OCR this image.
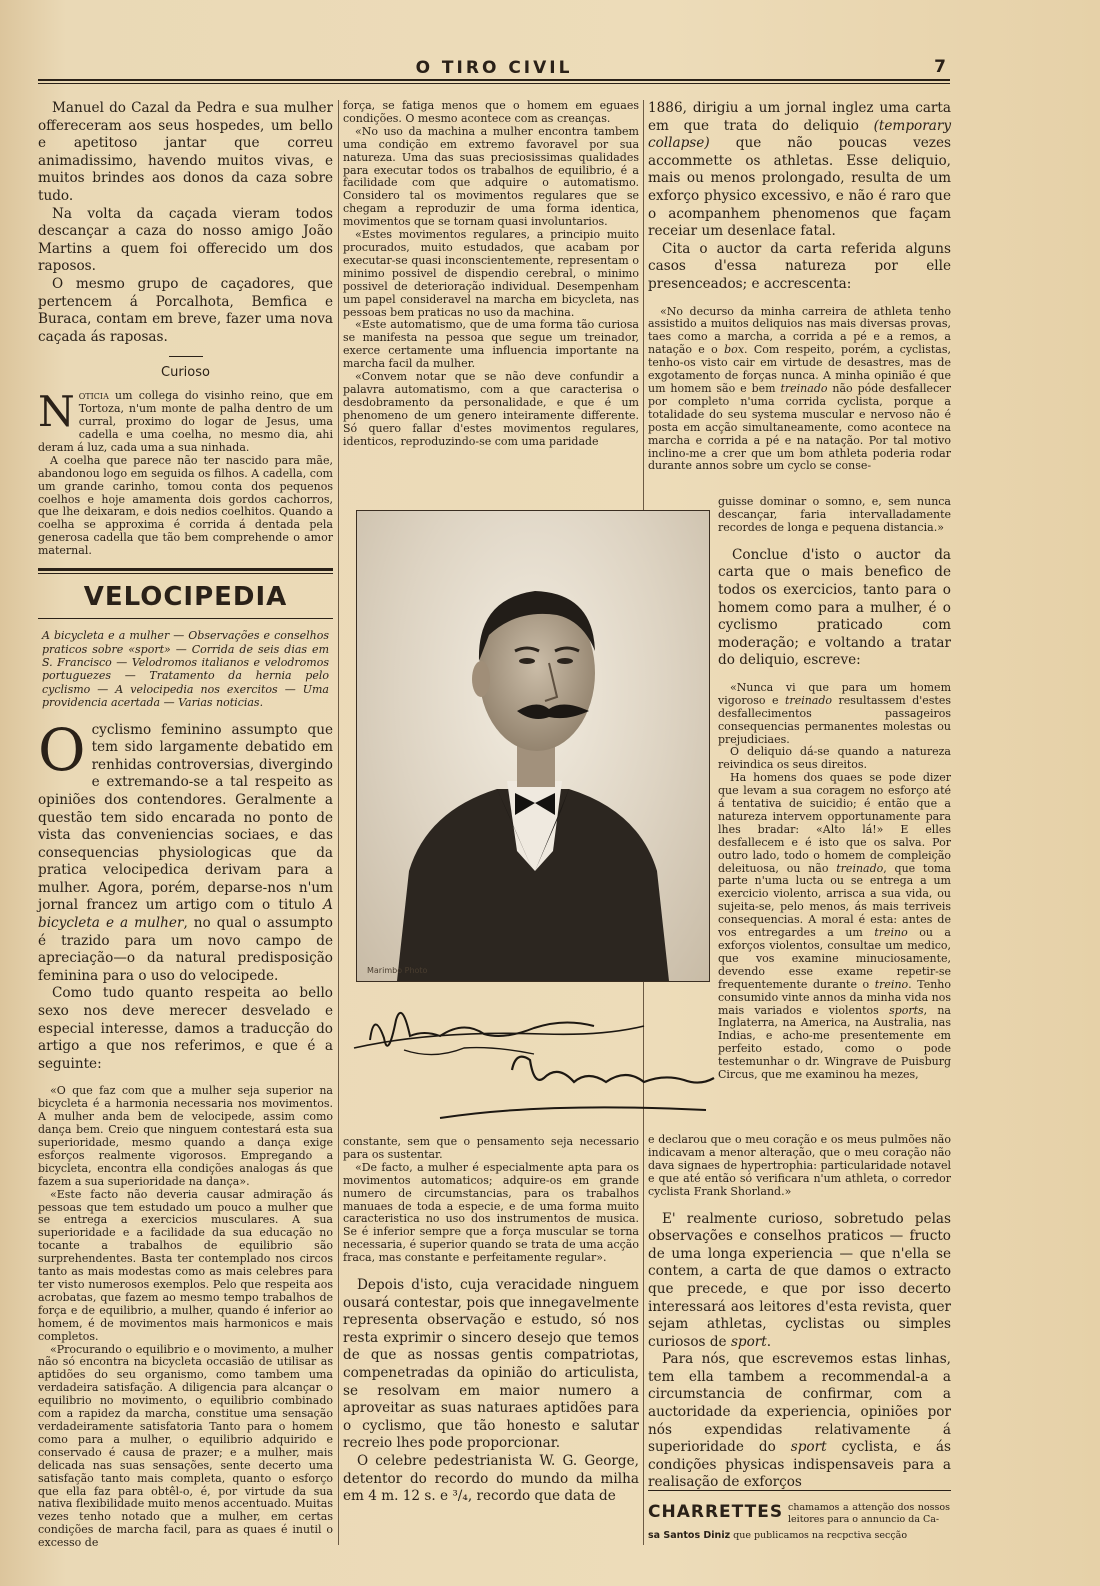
O TIRO CIVIL	7

Manuel do Cazal da Pedra e sua mulher offereceram aos seus hospedes, um bello e apetitoso jantar que correu animadissimo, havendo muitos vivas, e muitos brindes aos donos da caza sobre tudo.

Na volta da caçada vieram todos descançar a caza do nosso amigo João Martins a quem foi offerecido um dos raposos.

O mesmo grupo de caçadores, que pertencem á Porcalhota, Bemfica e Buraca, contam em breve, fazer uma nova caçada ás raposas.

Curioso

Noticia um collega do visinho reino, que em Tortoza, n'um monte de palha dentro de um curral, proximo do logar de Jesus, uma cadella e uma coelha, no mesmo dia, ahi deram á luz, cada uma a sua ninhada.

A coelha que parece não ter nascido para mãe, abandonou logo em seguida os filhos. A cadella, com um grande carinho, tomou conta dos pequenos coelhos e hoje amamenta dois gordos cachorros, que lhe deixaram, e dois nedios coelhitos. Quando a coelha se approxima é corrida á dentada pela generosa cadella que tão bem comprehende o amor maternal.

VELOCIPEDIA

A bicycleta e a mulher — Observações e conselhos praticos sobre «sport» — Corrida de seis dias em S. Francisco — Velodromos italianos e velodromos portuguezes — Tratamento da hernia pelo cyclismo — A velocipedia nos exercitos — Uma providencia acertada — Varias noticias.

O cyclismo feminino assumpto que tem sido largamente debatido em renhidas controversias, divergindo e extremando-se a tal respeito as opiniões dos contendores. Geralmente a questão tem sido encarada no ponto de vista das conveniencias sociaes, e das consequencias physiologicas que da pratica velocipedica derivam para a mulher. Agora, porém, deparse-nos n'um jornal francez um artigo com o titulo A bicycleta e a mulher, no qual o assumpto é trazido para um novo campo de apreciação—o da natural predisposição feminina para o uso do velocipede.

Como tudo quanto respeita ao bello sexo nos deve merecer desvelado e especial interesse, damos a traducção do artigo a que nos referimos, e que é a seguinte:

«O que faz com que a mulher seja superior na bicycleta é a harmonia necessaria nos movimentos. A mulher anda bem de velocipede, assim como dança bem. Creio que ninguem contestará esta sua superioridade, mesmo quando a dança exige esforços realmente vigorosos. Empregando a bicycleta, encontra ella condições analogas ás que fazem a sua superioridade na dança».

«Este facto não deveria causar admiração ás pessoas que tem estudado um pouco a mulher que se entrega a exercicios musculares. A sua superioridade e a facilidade da sua educação no tocante a trabalhos de equilibrio são surprehendentes. Basta ter contemplado nos circos tanto as mais modestas como as mais celebres para ter visto numerosos exemplos. Pelo que respeita aos acrobatas, que fazem ao mesmo tempo trabalhos de força e de equilibrio, a mulher, quando é inferior ao homem, é de movimentos mais harmonicos e mais completos.

«Procurando o equilibrio e o movimento, a mulher não só encontra na bicycleta occasião de utilisar as aptidões do seu organismo, como tambem uma verdadeira satisfação. A diligencia para alcançar o equilibrio no movimento, o equilibrio combinado com a rapidez da marcha, constitue uma sensação verdadeiramente satisfatoria Tanto para o homem como para a mulher, o equilibrio adquirido e conservado é causa de prazer; e a mulher, mais delicada nas suas sensações, sente decerto uma satisfação tanto mais completa, quanto o esforço que ella faz para obtêl-o, é, por virtude da sua nativa flexibilidade muito menos accentuado. Muitas vezes tenho notado que a mulher, em certas condições de marcha facil, para as quaes é inutil o excesso de

força, se fatiga menos que o homem em eguaes condições. O mesmo acontece com as creanças.

«No uso da machina a mulher encontra tambem uma condição em extremo favoravel por sua natureza. Uma das suas preciosissimas qualidades para executar todos os trabalhos de equilibrio, é a facilidade com que adquire o automatismo. Considero tal os movimentos regulares que se chegam a reproduzir de uma forma identica, movimentos que se tornam quasi involuntarios.

«Estes movimentos regulares, a principio muito procurados, muito estudados, que acabam por executar-se quasi inconscientemente, representam o minimo possivel de dispendio cerebral, o minimo possivel de deterioração individual. Desempenham um papel consideravel na marcha em bicycleta, nas pessoas bem praticas no uso da machina.

«Este automatismo, que de uma forma tão curiosa se manifesta na pessoa que segue um treinador, exerce certamente uma influencia importante na marcha facil da mulher.

«Convem notar que se não deve confundir a palavra automatismo, com a que caracterisa o desdobramento da personalidade, e que é um phenomeno de um genero inteiramente differente. Só quero fallar d'estes movimentos regulares, identicos, reproduzindo-se com uma paridade

Marimbo Photo

constante, sem que o pensamento seja necessario para os sustentar.

«De facto, a mulher é especialmente apta para os movimentos automaticos; adquire-os em grande numero de circumstancias, para os trabalhos manuaes de toda a especie, e de uma forma muito caracteristica no uso dos instrumentos de musica. Se é inferior sempre que a força muscular se torna necessaria, é superior quando se trata de uma acção fraca, mas constante e perfeitamente regular».

Depois d'isto, cuja veracidade ninguem ousará contestar, pois que innegavelmente representa observação e estudo, só nos resta exprimir o sincero desejo que temos de que as nossas gentis compatriotas, compenetradas da opinião do articulista, se resolvam em maior numero a aproveitar as suas naturaes aptidões para o cyclismo, que tão honesto e salutar recreio lhes pode proporcionar.

O celebre pedestrianista W. G. George, detentor do recordo do mundo da milha em 4 m. 12 s. e ³/₄, recordo que data de

1886, dirigiu a um jornal inglez uma carta em que trata do deliquio (temporary collapse) que não poucas vezes accommette os athletas. Esse deliquio, mais ou menos prolongado, resulta de um exforço physico excessivo, e não é raro que o acompanhem phenomenos que façam receiar um desenlace fatal.

Cita o auctor da carta referida alguns casos d'essa natureza por elle presenceados; e accrescenta:

«No decurso da minha carreira de athleta tenho assistido a muitos deliquios nas mais diversas provas, taes como a marcha, a corrida a pé e a remos, a natação e o box. Com respeito, porém, a cyclistas, tenho-os visto cair em virtude de desastres, mas de exgotamento de forças nunca. A minha opinião é que um homem são e bem treinado não póde desfallecer por completo n'uma corrida cyclista, porque a totalidade do seu systema muscular e nervoso não é posta em acção simultaneamente, como acontece na marcha e corrida a pé e na natação. Por tal motivo inclino-me a crer que um bom athleta poderia rodar durante annos sobre um cyclo se conse-

guisse dominar o somno, e, sem nunca descançar, faria intervalladamente recordes de longa e pequena distancia.»

Conclue d'isto o auctor da carta que o mais benefico de todos os exercicios, tanto para o homem como para a mulher, é o cyclismo praticado com moderação; e voltando a tratar do deliquio, escreve:

«Nunca vi que para um homem vigoroso e treinado resultassem d'estes desfallecimentos passageiros consequencias permanentes molestas ou prejudiciaes.

O deliquio dá-se quando a natureza reivindica os seus direitos.

Ha homens dos quaes se pode dizer que levam a sua coragem no esforço até á tentativa de suicidio; é então que a natureza intervem opportunamente para lhes bradar: «Alto lá!» E elles desfallecem e é isto que os salva. Por outro lado, todo o homem de compleição deleituosa, ou não treinado, que toma parte n'uma lucta ou se entrega a um exercicio violento, arrisca a sua vida, ou sujeita-se, pelo menos, ás mais terriveis consequencias. A moral é esta: antes de vos entregardes a um treino ou a exforços violentos, consultae um medico, que vos examine minuciosamente, devendo esse exame repetir-se frequentemente durante o treino. Tenho consumido vinte annos da minha vida nos mais variados e violentos sports, na Inglaterra, na America, na Australia, nas Indias, e acho-me presentemente em perfeito estado, como o pode testemunhar o dr. Wingrave de Puisburg Circus, que me examinou ha mezes,

e declarou que o meu coração e os meus pulmões não indicavam a menor alteração, que o meu coração não dava signaes de hypertrophia: particularidade notavel e que até então só verificara n'um athleta, o corredor cyclista Frank Shorland.»

E' realmente curioso, sobretudo pelas observações e conselhos praticos — fructo de uma longa experiencia — que n'ella se contem, a carta de que damos o extracto que precede, e que por isso decerto interessará aos leitores d'esta revista, quer sejam athletas, cyclistas ou simples curiosos de sport.

Para nós, que escrevemos estas linhas, tem ella tambem a recommendal-a a circumstancia de confirmar, com a auctoridade da experiencia, opiniões por nós expendidas relativamente á superioridade do sport cyclista, e ás condições physicas indispensaveis para a realisação de exforços

CHARRETTES chamamos a attenção dos nossos leitores para o annuncio da Ca-
sa Santos Diniz que publicamos na recpctiva secção
